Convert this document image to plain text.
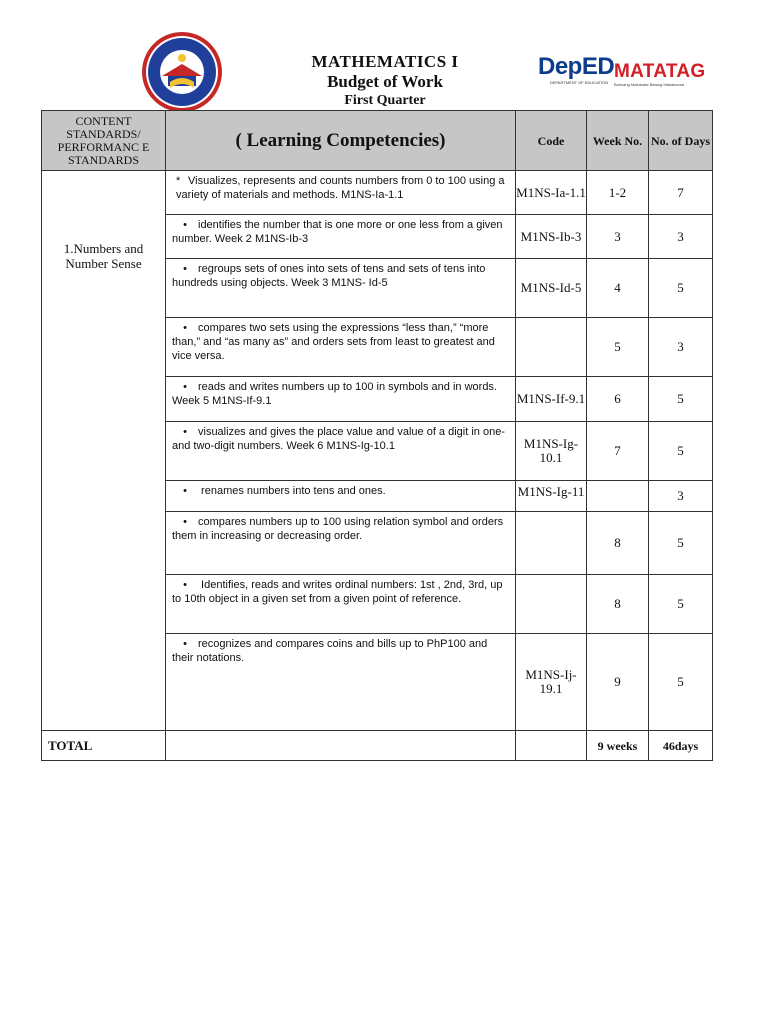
MATHEMATICS I
Budget of Work
First Quarter
DepED
DEPARTMENT OF EDUCATION
MATATAG
Bansang Makabata Batang Makabansa
CONTENT STANDARDS/ PERFORMANC E STANDARDS	( Learning Competencies)	Code	Week No.	No. of Days
1.Numbers and Number Sense	* Visualizes, represents and counts numbers from 0 to 100 using a variety of materials and methods. M1NS-Ia-1.1	M1NS-Ia-1.1	1-2	7
	• identifies the number that is one more or one less from a given number. Week 2 M1NS-Ib-3	M1NS-Ib-3	3	3
	• regroups sets of ones into sets of tens and sets of tens into hundreds using objects. Week 3 M1NS- Id-5	M1NS-Id-5	4	5
	• compares two sets using the expressions “less than,” “more than,” and “as many as” and orders sets from least to greatest and vice versa.		5	3
	• reads and writes numbers up to 100 in symbols and in words. Week 5 M1NS-If-9.1	M1NS-If-9.1	6	5
	• visualizes and gives the place value and value of a digit in one- and two-digit numbers. Week 6 M1NS-Ig-10.1	M1NS-Ig-10.1	7	5
	• renames numbers into tens and ones.	M1NS-Ig-11		3
	• compares numbers up to 100 using relation symbol and orders them in increasing or decreasing order.		8	5
	• Identifies, reads and writes ordinal numbers: 1st , 2nd, 3rd, up to 10th object in a given set from a given point of reference.		8	5
	• recognizes and compares coins and bills up to PhP100 and their notations.	M1NS-Ij-19.1	9	5
TOTAL			9 weeks	46days
